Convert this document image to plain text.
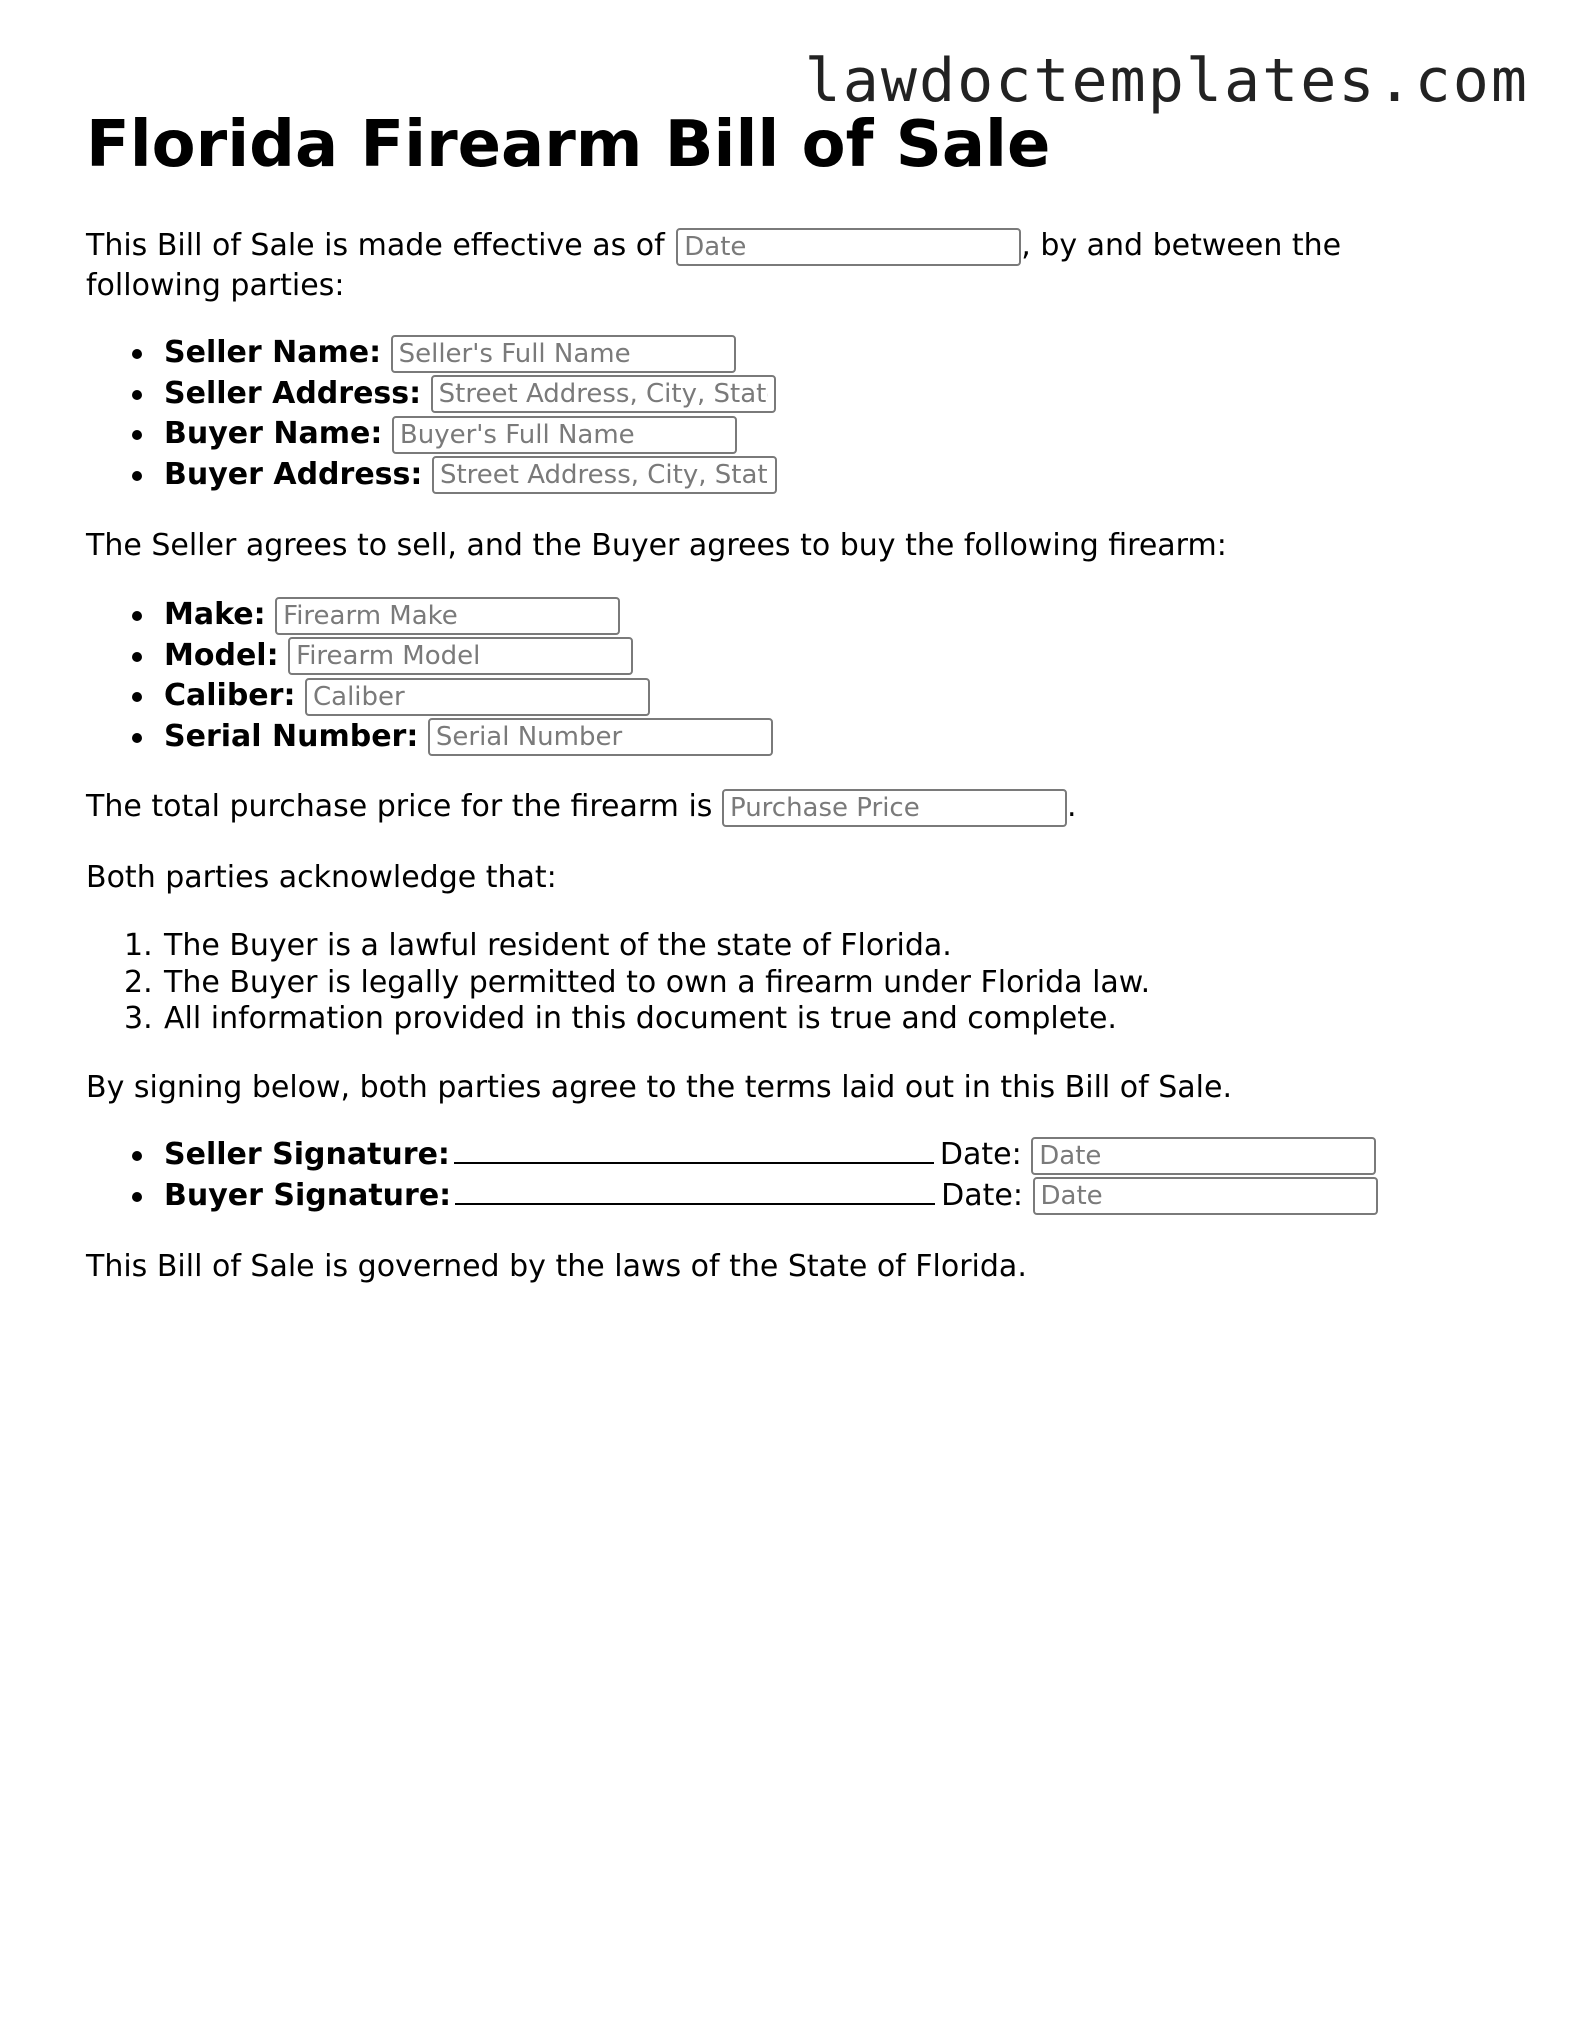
lawdoctemplates.com
Florida Firearm Bill of Sale

This Bill of Sale is made effective as of Date	, by and between the
following parties:

Seller Name: Seller's Full Name
Seller Address: Street Address, City, State
Buyer Name: Buyer's Full Name
Buyer Address: Street Address, City, State

The Seller agrees to sell, and the Buyer agrees to buy the following firearm:

Make: Firearm Make
Model: Firearm Model
Caliber: Caliber
Serial Number: Serial Number

The total purchase price for the firearm is Purchase Price	.

Both parties acknowledge that:

1. The Buyer is a lawful resident of the state of Florida.
2. The Buyer is legally permitted to own a firearm under Florida law.
3. All information provided in this document is true and complete.

By signing below, both parties agree to the terms laid out in this Bill of Sale.

Seller Signature:	Date: Date
Buyer Signature:	Date: Date

This Bill of Sale is governed by the laws of the State of Florida.
